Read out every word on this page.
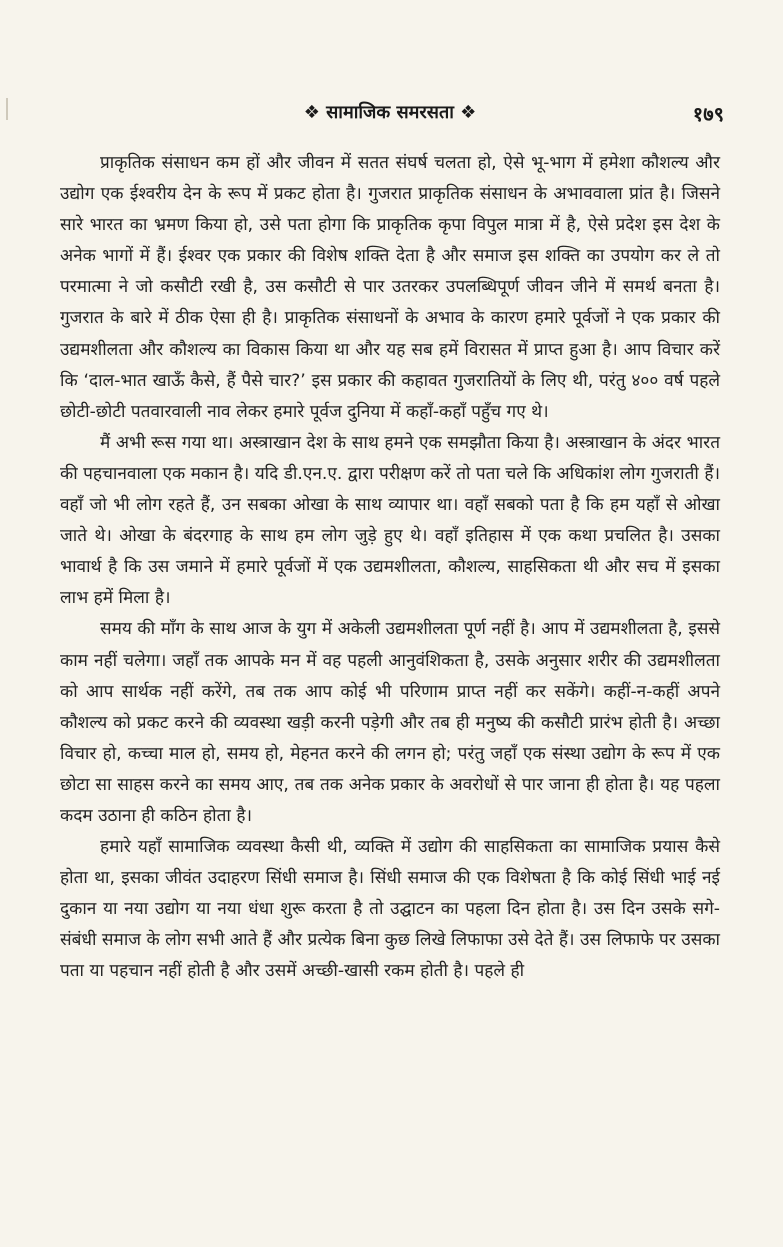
❖ सामाजिक समरसता ❖	१७९

प्राकृतिक संसाधन कम हों और जीवन में सतत संघर्ष चलता हो, ऐसे भू-भाग में हमेशा कौशल्य और उद्योग एक ईश्वरीय देन के रूप में प्रकट होता है। गुजरात प्राकृतिक संसाधन के अभाववाला प्रांत है। जिसने सारे भारत का भ्रमण किया हो, उसे पता होगा कि प्राकृतिक कृपा विपुल मात्रा में है, ऐसे प्रदेश इस देश के अनेक भागों में हैं। ईश्वर एक प्रकार की विशेष शक्ति देता है और समाज इस शक्ति का उपयोग कर ले तो परमात्मा ने जो कसौटी रखी है, उस कसौटी से पार उतरकर उपलब्धिपूर्ण जीवन जीने में समर्थ बनता है। गुजरात के बारे में ठीक ऐसा ही है। प्राकृतिक संसाधनों के अभाव के कारण हमारे पूर्वजों ने एक प्रकार की उद्यमशीलता और कौशल्य का विकास किया था और यह सब हमें विरासत में प्राप्त हुआ है। आप विचार करें कि ‘दाल-भात खाऊँ कैसे, हैं पैसे चार?’ इस प्रकार की कहावत गुजरातियों के लिए थी, परंतु ४०० वर्ष पहले छोटी-छोटी पतवारवाली नाव लेकर हमारे पूर्वज दुनिया में कहाँ-कहाँ पहुँच गए थे।

मैं अभी रूस गया था। अस्त्राखान देश के साथ हमने एक समझौता किया है। अस्त्राखान के अंदर भारत की पहचानवाला एक मकान है। यदि डी.एन.ए. द्वारा परीक्षण करें तो पता चले कि अधिकांश लोग गुजराती हैं। वहाँ जो भी लोग रहते हैं, उन सबका ओखा के साथ व्यापार था। वहाँ सबको पता है कि हम यहाँ से ओखा जाते थे। ओखा के बंदरगाह के साथ हम लोग जुड़े हुए थे। वहाँ इतिहास में एक कथा प्रचलित है। उसका भावार्थ है कि उस जमाने में हमारे पूर्वजों में एक उद्यमशीलता, कौशल्य, साहसिकता थी और सच में इसका लाभ हमें मिला है।

समय की माँग के साथ आज के युग में अकेली उद्यमशीलता पूर्ण नहीं है। आप में उद्यमशीलता है, इससे काम नहीं चलेगा। जहाँ तक आपके मन में वह पहली आनुवंशिकता है, उसके अनुसार शरीर की उद्यमशीलता को आप सार्थक नहीं करेंगे, तब तक आप कोई भी परिणाम प्राप्त नहीं कर सकेंगे। कहीं-न-कहीं अपने कौशल्य को प्रकट करने की व्यवस्था खड़ी करनी पड़ेगी और तब ही मनुष्य की कसौटी प्रारंभ होती है। अच्छा विचार हो, कच्चा माल हो, समय हो, मेहनत करने की लगन हो; परंतु जहाँ एक संस्था उद्योग के रूप में एक छोटा सा साहस करने का समय आए, तब तक अनेक प्रकार के अवरोधों से पार जाना ही होता है। यह पहला कदम उठाना ही कठिन होता है।

हमारे यहाँ सामाजिक व्यवस्था कैसी थी, व्यक्ति में उद्योग की साहसिकता का सामाजिक प्रयास कैसे होता था, इसका जीवंत उदाहरण सिंधी समाज है। सिंधी समाज की एक विशेषता है कि कोई सिंधी भाई नई दुकान या नया उद्योग या नया धंधा शुरू करता है तो उद्घाटन का पहला दिन होता है। उस दिन उसके सगे-संबंधी समाज के लोग सभी आते हैं और प्रत्येक बिना कुछ लिखे लिफाफा उसे देते हैं। उस लिफाफे पर उसका पता या पहचान नहीं होती है और उसमें अच्छी-खासी रकम होती है। पहले ही
